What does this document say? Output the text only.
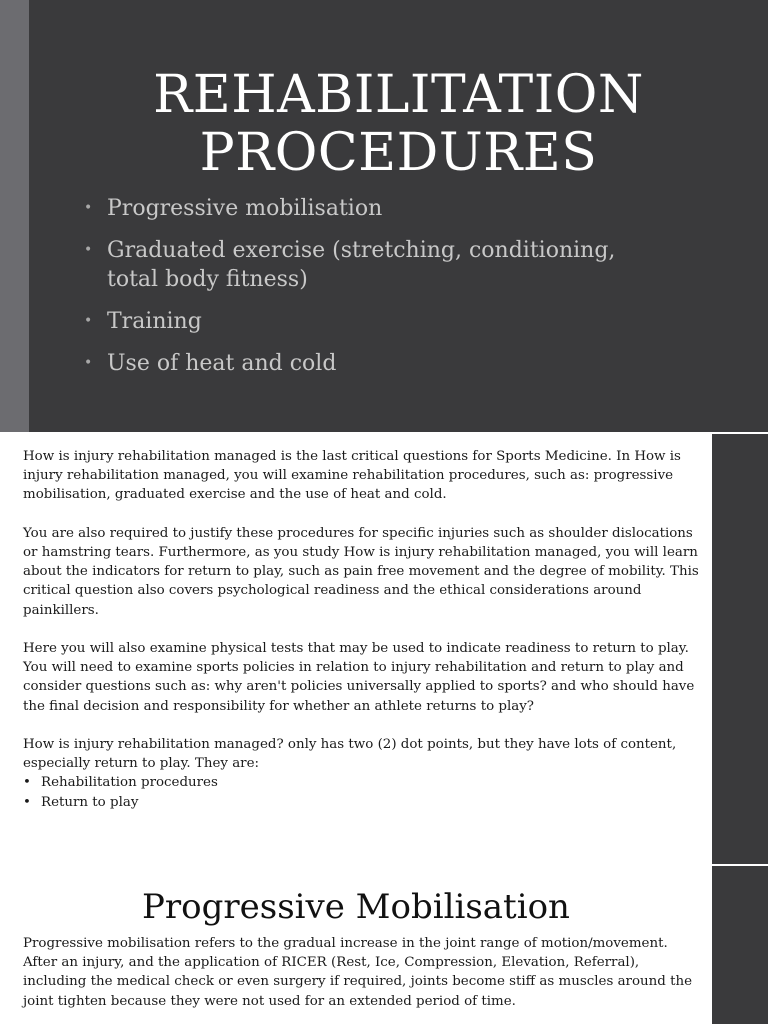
REHABILITATION
PROCEDURES
• Progressive mobilisation
• Graduated exercise (stretching, conditioning,
total body fitness)
• Training
• Use of heat and cold

How is injury rehabilitation managed is the last critical questions for Sports Medicine. In How is injury rehabilitation managed, you will examine rehabilitation procedures, such as: progressive mobilisation, graduated exercise and the use of heat and cold.

You are also required to justify these procedures for specific injuries such as shoulder dislocations or hamstring tears. Furthermore, as you study How is injury rehabilitation managed, you will learn about the indicators for return to play, such as pain free movement and the degree of mobility. This critical question also covers psychological readiness and the ethical considerations around painkillers.

Here you will also examine physical tests that may be used to indicate readiness to return to play.

You will need to examine sports policies in relation to injury rehabilitation and return to play and consider questions such as: why aren't policies universally applied to sports? and who should have the final decision and responsibility for whether an athlete returns to play?

How is injury rehabilitation managed? only has two (2) dot points, but they have lots of content, especially return to play. They are:

• Rehabilitation procedures
• Return to play
Progressive Mobilisation

Progressive mobilisation refers to the gradual increase in the joint range of motion/movement. After an injury, and the application of RICER (Rest, Ice, Compression, Elevation, Referral), including the medical check or even surgery if required, joints become stiff as muscles around the joint tighten because they were not used for an extended period of time.
